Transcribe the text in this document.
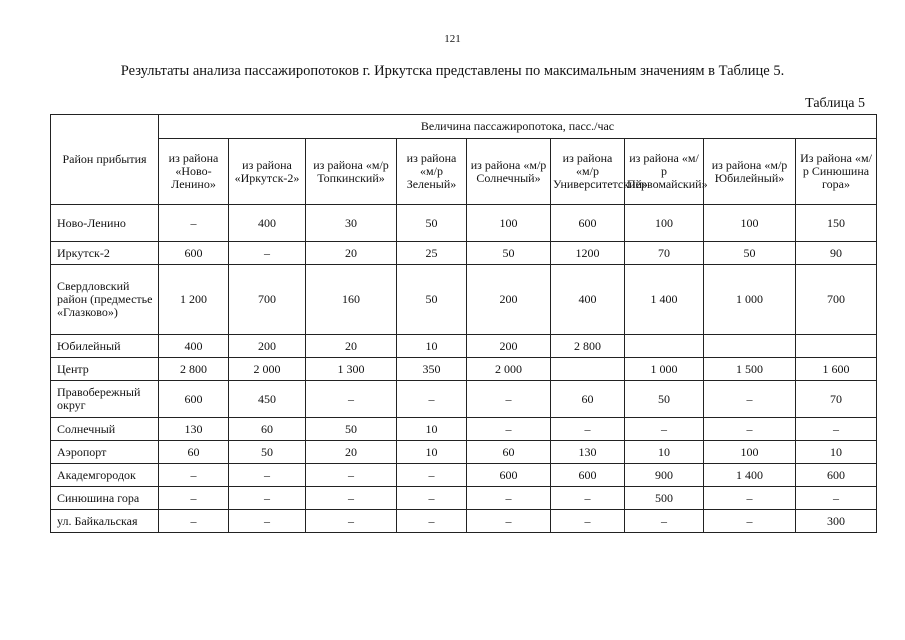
121
Результаты анализа пассажиропотоков г. Иркутска представлены по максимальным значениям в Таблице 5.
Таблица 5
Район прибытия	Величина пассажиропотока, пасс./час								
	из района «Ново-Ленино»	из района «Иркутск-2»	из района «м/р Топкинский»	из района «м/р Зеленый»	из района «м/р Солнечный»	из района «м/р Университетский»	из района «м/р Первомайский»	из района «м/р Юбилейный»	Из района «м/р Синюшина гора»
Ново-Ленино	–	400	30	50	100	600	100	100	150
Иркутск-2	600	–	20	25	50	1200	70	50	90
Свердловский район (предместье «Глазково»)	1 200	700	160	50	200	400	1 400	1 000	700
Юбилейный	400	200	20	10	200	2 800			
Центр	2 800	2 000	1 300	350	2 000		1 000	1 500	1 600
Правобережный округ	600	450	–	–	–	60	50	–	70
Солнечный	130	60	50	10	–	–	–	–	–
Аэропорт	60	50	20	10	60	130	10	100	10
Академгородок	–	–	–	–	600	600	900	1 400	600
Синюшина гора	–	–	–	–	–	–	500	–	–
ул. Байкальская	–	–	–	–	–	–	–	–	300
